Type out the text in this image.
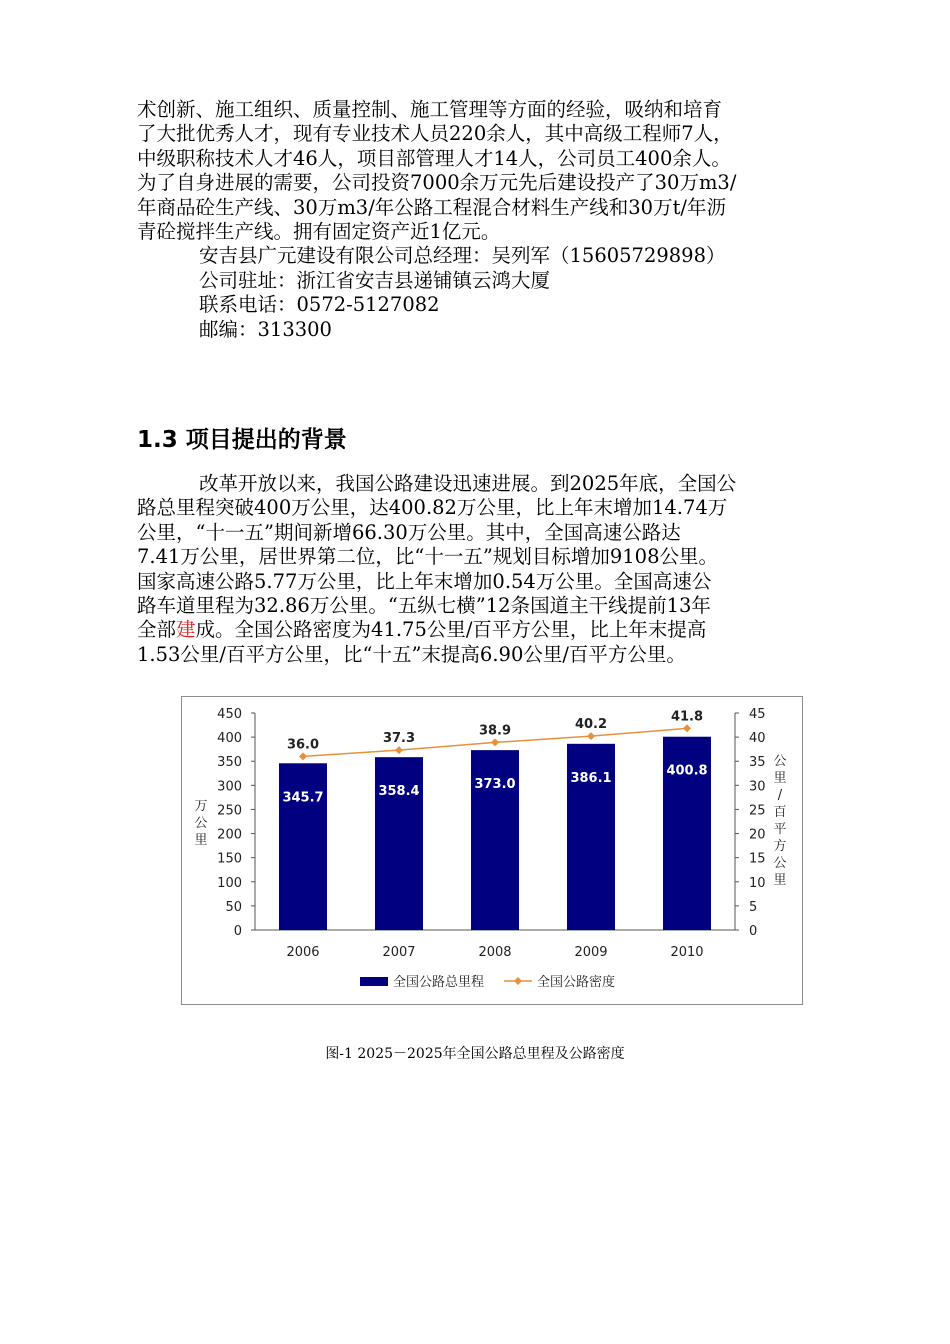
术创新、施工组织、质量控制、施工管理等方面的经验，吸纳和培育

了大批优秀人才，现有专业技术人员220余人，其中高级工程师7人，

中级职称技术人才46人，项目部管理人才14人，公司员工400余人。

为了自身进展的需要，公司投资7000余万元先后建设投产了30万m3/

年商品砼生产线、30万m3/年公路工程混合材料生产线和30万t/年沥

青砼搅拌生产线。拥有固定资产近1亿元。

安吉县广元建设有限公司总经理：吴列军（15605729898）

公司驻址：浙江省安吉县递铺镇云鸿大厦

联系电话：0572-5127082

邮编：313300

1.3 项目提出的背景

改革开放以来，我国公路建设迅速进展。到2025年底，全国公

路总里程突破400万公里，达400.82万公里，比上年末增加14.74万

公里，“十一五”期间新增66.30万公里。其中，全国高速公路达

7.41万公里，居世界第二位，比“十一五”规划目标增加9108公里。

国家高速公路5.77万公里，比上年末增加0.54万公里。全国高速公

路车道里程为32.86万公里。“五纵七横”12条国道主干线提前13年

全部建成。全国公路密度为41.75公里/百平方公里，比上年末提高

1.53公里/百平方公里，比“十五”末提高6.90公里/百平方公里。

0
50
100
150
200
250
300
350
400
450
0
5
10
15
20
25
30
35
40
45
345.7	358.4	373.0	386.1	400.8
36.0	37.3
38.9	40.2
41.8
2006	2007	2008	2009	2010
万公里
公里/百平方公里
全国公路总里程	全国公路密度
图-1 2025－2025年全国公路总里程及公路密度
